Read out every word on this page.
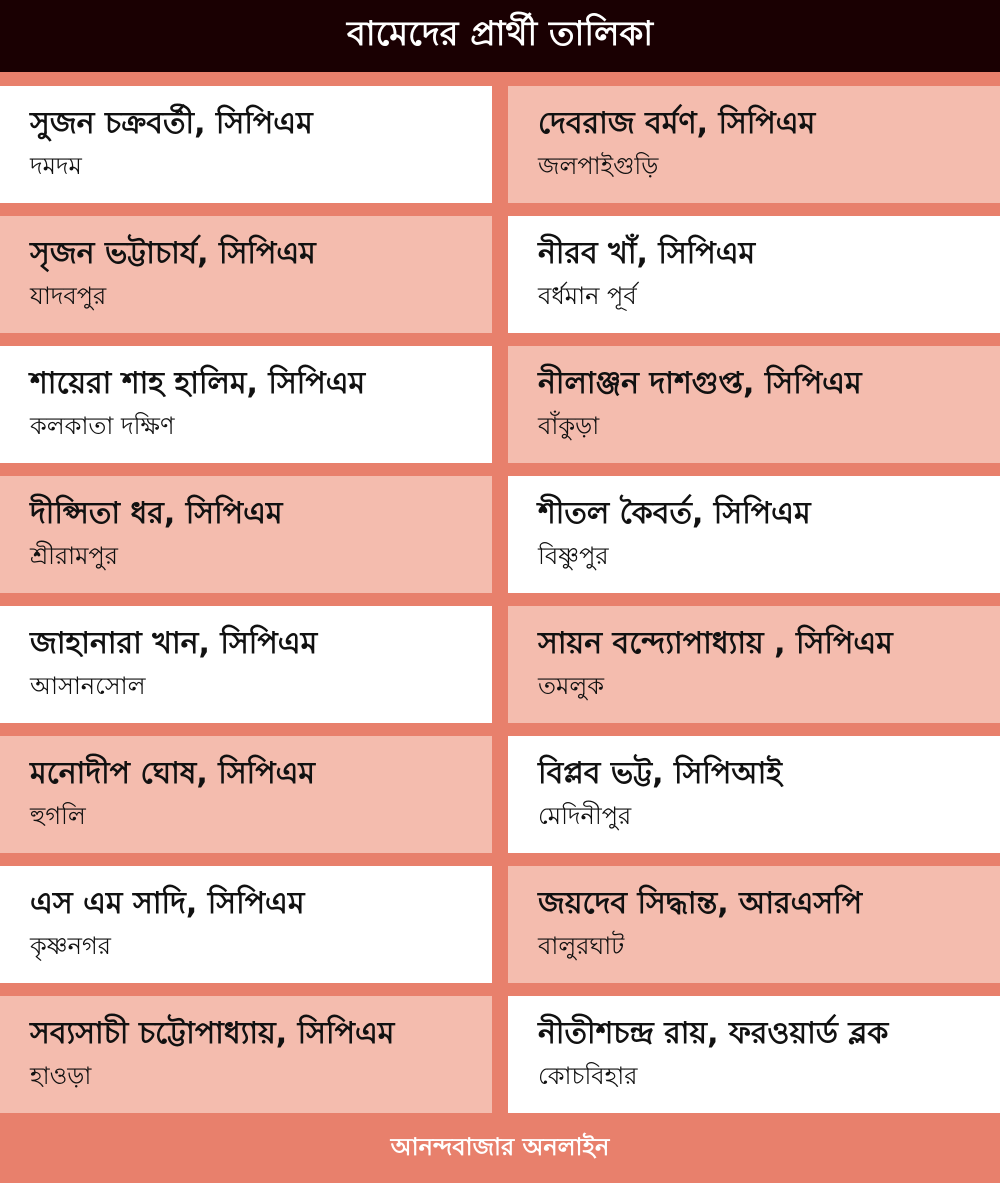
বামেদের প্রার্থী তালিকা
সুজন চক্রবর্তী, সিপিএম
দমদম
দেবরাজ বর্মণ, সিপিএম
জলপাইগুড়ি
সৃজন ভট্টাচার্য, সিপিএম
যাদবপুর
নীরব খাঁ, সিপিএম
বর্ধমান পূর্ব
শায়েরা শাহ হালিম, সিপিএম
কলকাতা দক্ষিণ
নীলাঞ্জন দাশগুপ্ত, সিপিএম
বাঁকুড়া
দীপ্সিতা ধর, সিপিএম
শ্রীরামপুর
শীতল কৈবর্ত, সিপিএম
বিষ্ণুপুর
জাহানারা খান, সিপিএম
আসানসোল
সায়ন বন্দ্যোপাধ্যায় , সিপিএম
তমলুক
মনোদীপ ঘোষ, সিপিএম
হুগলি
বিপ্লব ভট্ট, সিপিআই
মেদিনীপুর
এস এম সাদি, সিপিএম
কৃষ্ণনগর
জয়দেব সিদ্ধান্ত, আরএসপি
বালুরঘাট
সব্যসাচী চট্টোপাধ্যায়, সিপিএম
হাওড়া
নীতীশচন্দ্র রায়, ফরওয়ার্ড ব্লক
কোচবিহার
আনন্দবাজার অনলাইন
